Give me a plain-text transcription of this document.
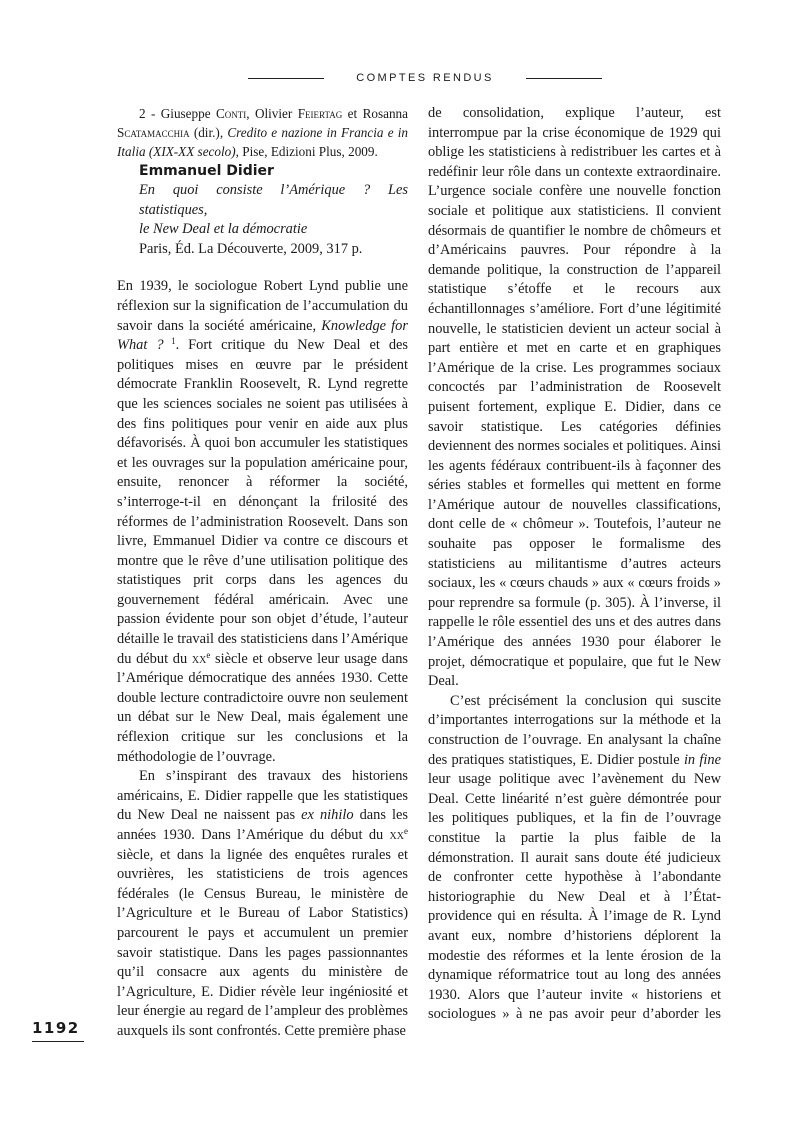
COMPTES RENDUS

2 - Giuseppe Conti, Olivier Feiertag et Rosanna Scatamacchia (dir.), Credito e nazione in Francia e in Italia (XIX-XX secolo), Pise, Edizioni Plus, 2009.

Emmanuel Didier
En quoi consiste l’Amérique ? Les statistiques,
le New Deal et la démocratie
Paris, Éd. La Découverte, 2009, 317 p.

En 1939, le sociologue Robert Lynd publie une réflexion sur la signification de l’accumulation du savoir dans la société américaine, Knowledge for What ? $^1$. Fort critique du New Deal et des politiques mises en œuvre par le président démocrate Franklin Roosevelt, R. Lynd regrette que les sciences sociales ne soient pas utilisées à des fins politiques pour venir en aide aux plus défavorisés. À quoi bon accumuler les statistiques et les ouvrages sur la population américaine pour, ensuite, renoncer à réformer la société, s’interroge-t-il en dénonçant la frilosité des réformes de l’administration Roosevelt. Dans son livre, Emmanuel Didier va contre ce discours et montre que le rêve d’une utilisation politique des statistiques prit corps dans les agences du gouvernement fédéral américain. Avec une passion évidente pour son objet d’étude, l’auteur détaille le travail des statisticiens dans l’Amérique du début du $xx^e$ siècle et observe leur usage dans l’Amérique démocratique des années 1930. Cette double lecture contradictoire ouvre non seulement un débat sur le New Deal, mais également une réflexion critique sur les conclusions et la méthodologie de l’ouvrage.

En s’inspirant des travaux des historiens américains, E. Didier rappelle que les statistiques du New Deal ne naissent pas ex nihilo dans les années 1930. Dans l’Amérique du début du $xx^e$ siècle, et dans la lignée des enquêtes rurales et ouvrières, les statisticiens de trois agences fédérales (le Census Bureau, le ministère de l’Agriculture et le Bureau of Labor Statistics) parcourent le pays et accumulent un premier savoir statistique. Dans les pages passionnantes qu’il consacre aux agents du ministère de l’Agriculture, E. Didier révèle leur ingéniosité et leur énergie au regard de l’ampleur des problèmes auxquels ils sont confrontés. Cette première phase

1192

de consolidation, explique l’auteur, est interrompue par la crise économique de 1929 qui oblige les statisticiens à redistribuer les cartes et à redéfinir leur rôle dans un contexte extraordinaire. L’urgence sociale confère une nouvelle fonction sociale et politique aux statisticiens. Il convient désormais de quantifier le nombre de chômeurs et d’Américains pauvres. Pour répondre à la demande politique, la construction de l’appareil statistique s’étoffe et le recours aux échantillonnages s’améliore. Fort d’une légitimité nouvelle, le statisticien devient un acteur social à part entière et met en carte et en graphiques l’Amérique de la crise. Les programmes sociaux concoctés par l’administration de Roosevelt puisent fortement, explique E. Didier, dans ce savoir statistique. Les catégories définies deviennent des normes sociales et politiques. Ainsi les agents fédéraux contribuent-ils à façonner des séries stables et formelles qui mettent en forme l’Amérique autour de nouvelles classifications, dont celle de « chômeur ». Toutefois, l’auteur ne souhaite pas opposer le formalisme des statisticiens au militantisme d’autres acteurs sociaux, les « cœurs chauds » aux « cœurs froids » pour reprendre sa formule (p. 305). À l’inverse, il rappelle le rôle essentiel des uns et des autres dans l’Amérique des années 1930 pour élaborer le projet, démocratique et populaire, que fut le New Deal.

C’est précisément la conclusion qui suscite d’importantes interrogations sur la méthode et la construction de l’ouvrage. En analysant la chaîne des pratiques statistiques, E. Didier postule in fine leur usage politique avec l’avènement du New Deal. Cette linéarité n’est guère démontrée pour les politiques publiques, et la fin de l’ouvrage constitue la partie la plus faible de la démonstration. Il aurait sans doute été judicieux de confronter cette hypothèse à l’abondante historiographie du New Deal et à l’État-providence qui en résulta. À l’image de R. Lynd avant eux, nombre d’historiens déplorent la modestie des réformes et la lente érosion de la dynamique réformatrice tout au long des années 1930. Alors que l’auteur invite « historiens et sociologues » à ne pas avoir peur d’aborder les
